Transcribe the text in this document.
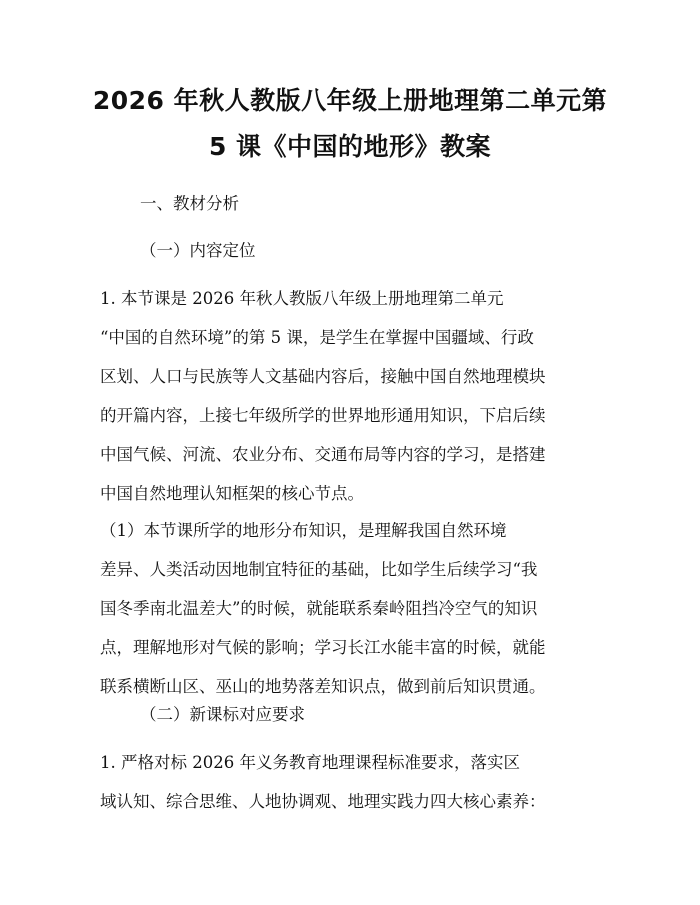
2026 年秋人教版八年级上册地理第二单元第
5 课《中国的地形》教案
一、教材分析
（一）内容定位
1. 本节课是 2026 年秋人教版八年级上册地理第二单元
“中国的自然环境”的第 5 课，是学生在掌握中国疆域、行政
区划、人口与民族等人文基础内容后，接触中国自然地理模块
的开篇内容，上接七年级所学的世界地形通用知识，下启后续
中国气候、河流、农业分布、交通布局等内容的学习，是搭建
中国自然地理认知框架的核心节点。
（1）本节课所学的地形分布知识，是理解我国自然环境
差异、人类活动因地制宜特征的基础，比如学生后续学习“我
国冬季南北温差大”的时候，就能联系秦岭阻挡冷空气的知识
点，理解地形对气候的影响；学习长江水能丰富的时候，就能
联系横断山区、巫山的地势落差知识点，做到前后知识贯通。
（二）新课标对应要求
1. 严格对标 2026 年义务教育地理课程标准要求，落实区
域认知、综合思维、人地协调观、地理实践力四大核心素养：
